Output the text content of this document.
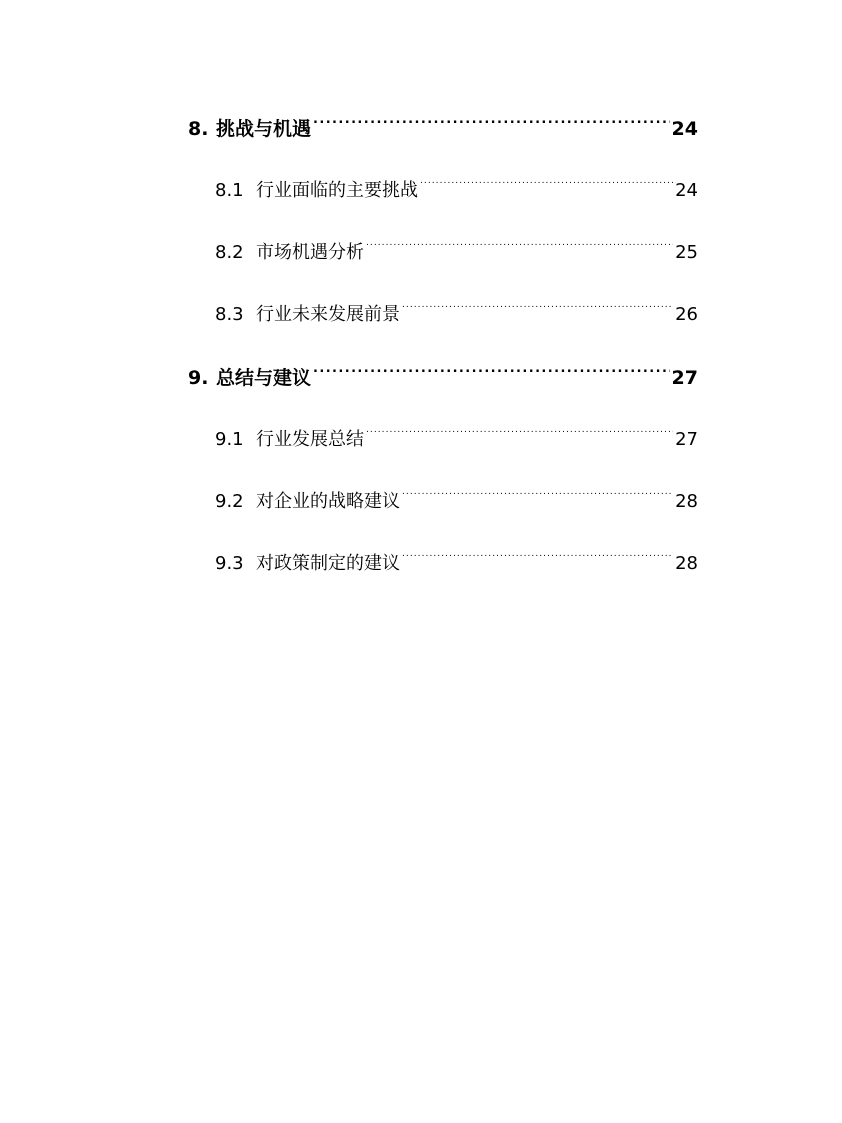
8. 挑战与机遇 . . .	24
8.1 行业面临的主要挑战 . . .	24
8.2 市场机遇分析 . . .	25
8.3 行业未来发展前景 . . .	26
9. 总结与建议 . . .	27
9.1 行业发展总结 . . .	27
9.2 对企业的战略建议 . . .	28
9.3 对政策制定的建议 . . .	28
